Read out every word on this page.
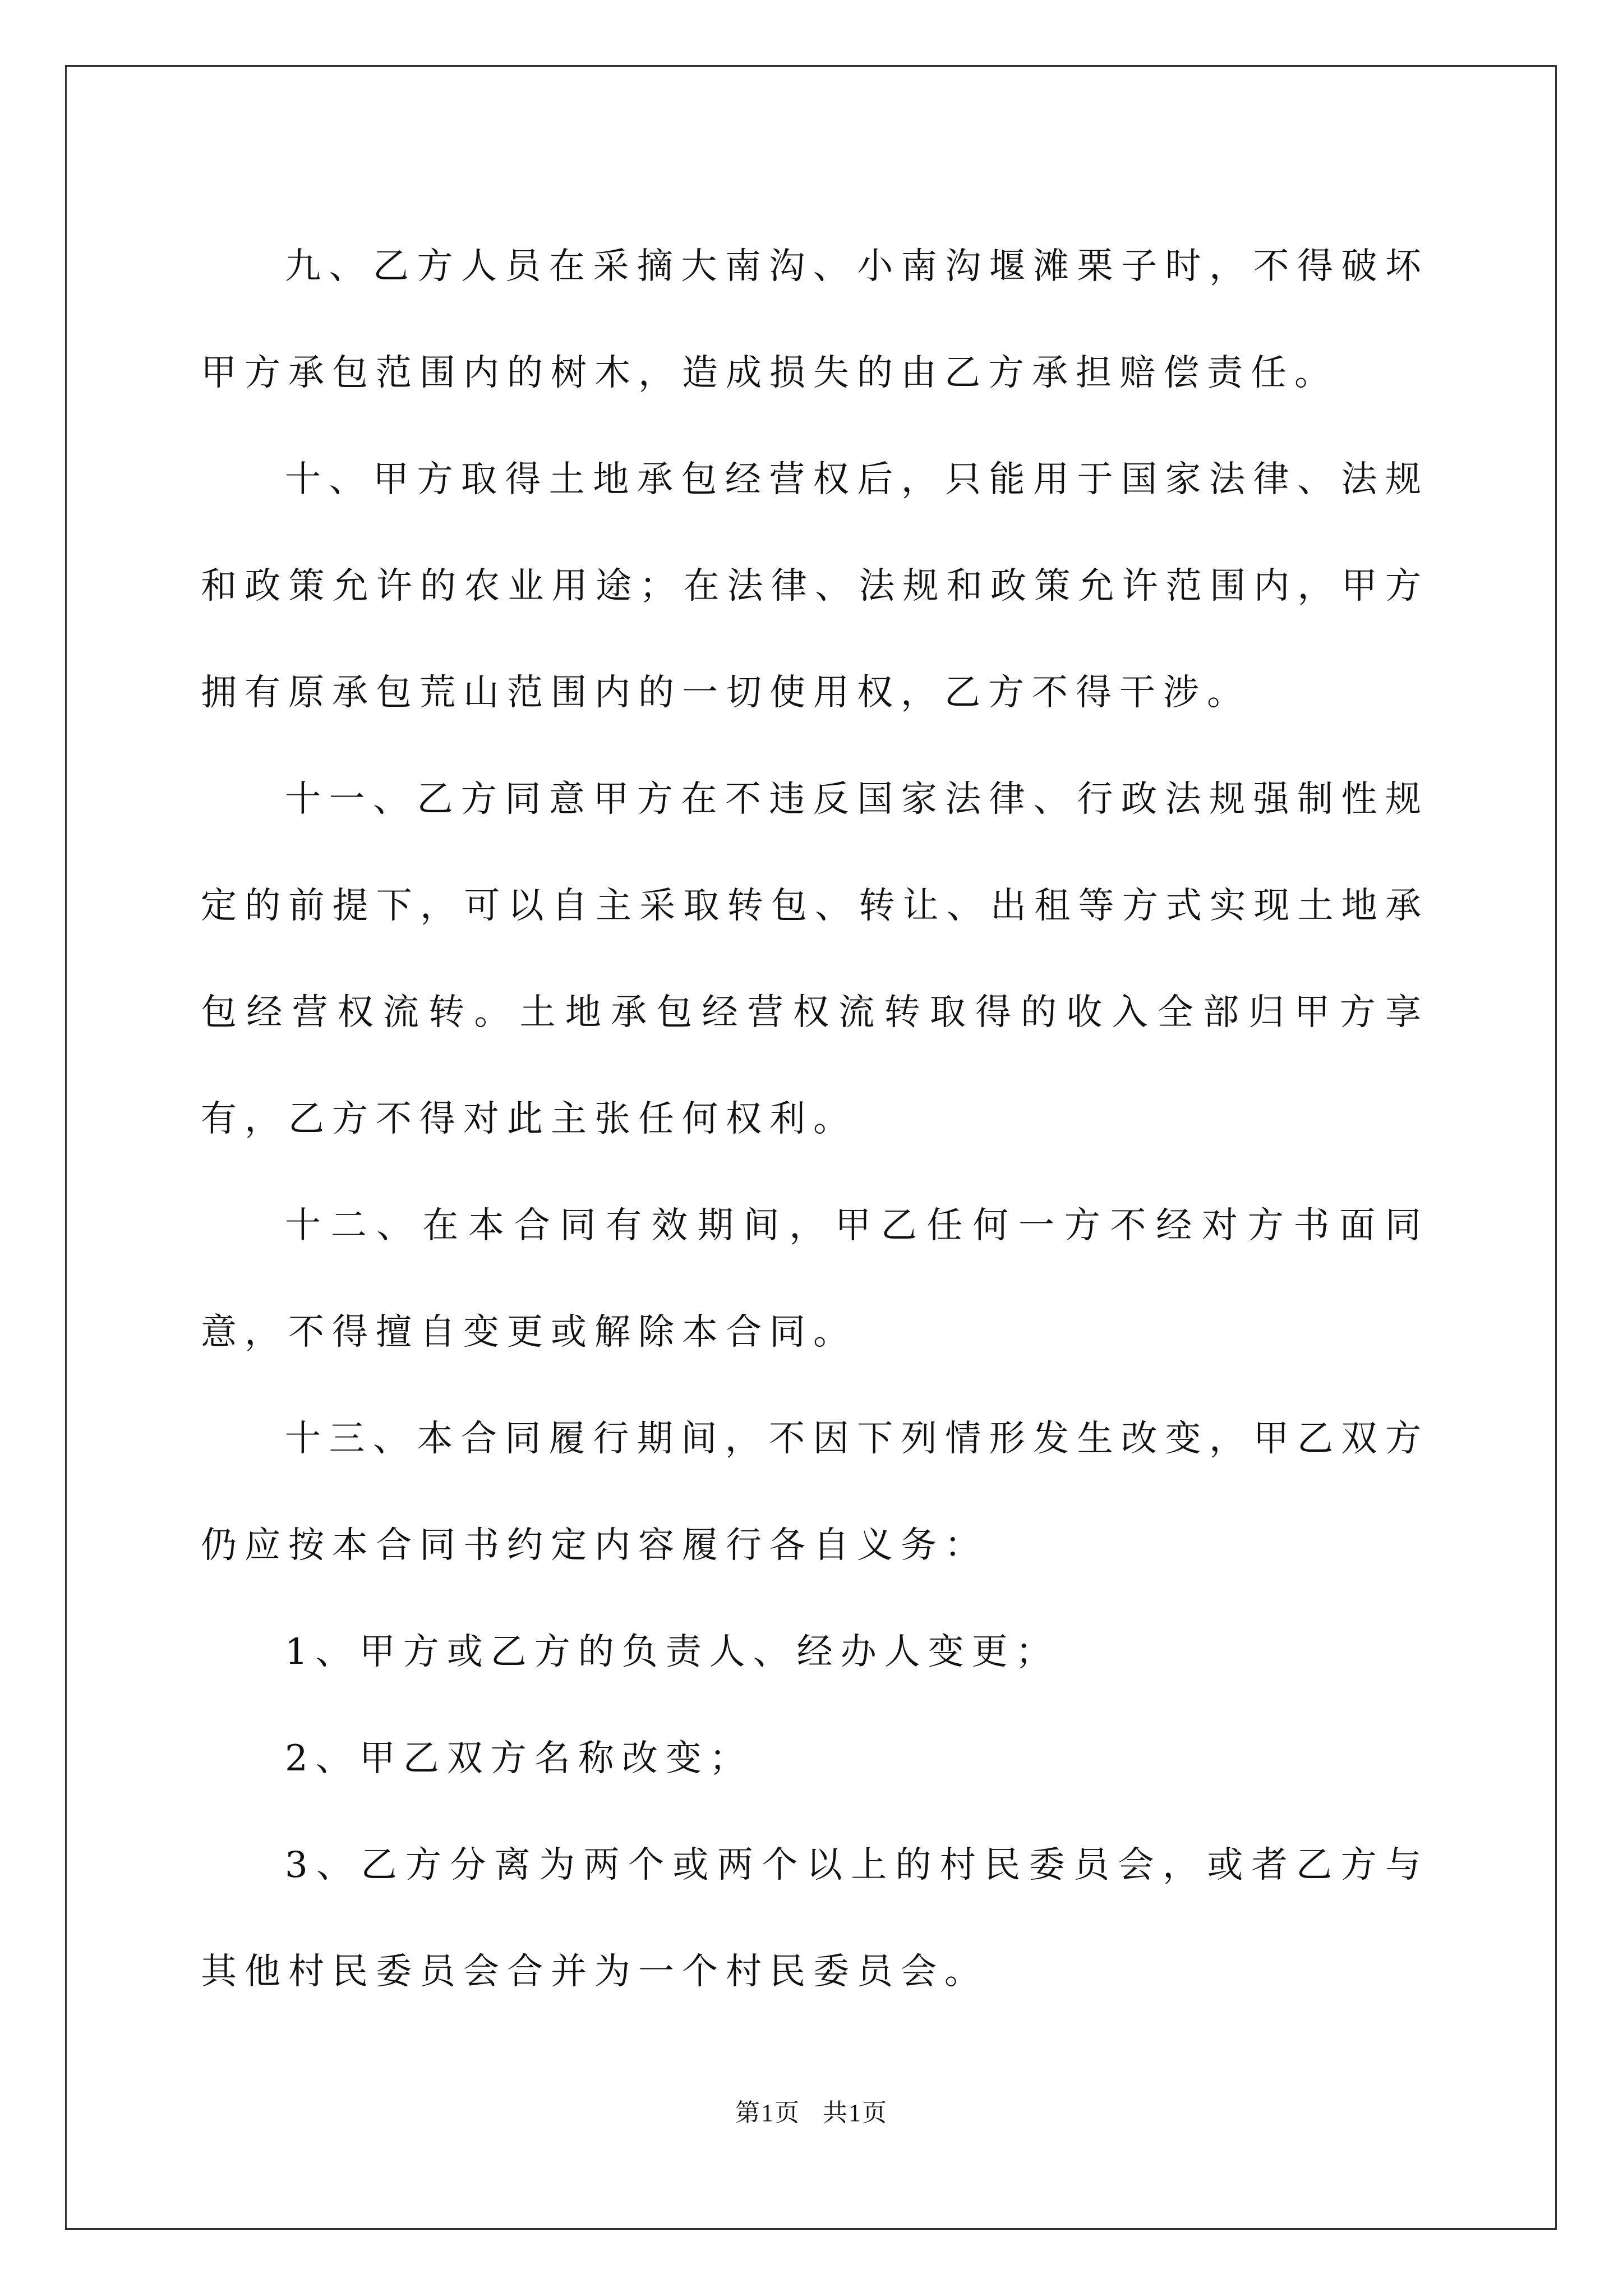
九、乙方人员在采摘大南沟、小南沟堰滩栗子时，不得破坏甲方承包范围内的树木，造成损失的由乙方承担赔偿责任。

十、甲方取得土地承包经营权后，只能用于国家法律、法规和政策允许的农业用途；在法律、法规和政策允许范围内，甲方拥有原承包荒山范围内的一切使用权，乙方不得干涉。

十一、乙方同意甲方在不违反国家法律、行政法规强制性规定的前提下，可以自主采取转包、转让、出租等方式实现土地承包经营权流转。土地承包经营权流转取得的收入全部归甲方享有，乙方不得对此主张任何权利。

十二、在本合同有效期间，甲乙任何一方不经对方书面同意，不得擅自变更或解除本合同。

十三、本合同履行期间，不因下列情形发生改变，甲乙双方仍应按本合同书约定内容履行各自义务：

1、甲方或乙方的负责人、经办人变更；

2、甲乙双方名称改变；

3、乙方分离为两个或两个以上的村民委员会，或者乙方与其他村民委员会合并为一个村民委员会。

第1页 共1页
